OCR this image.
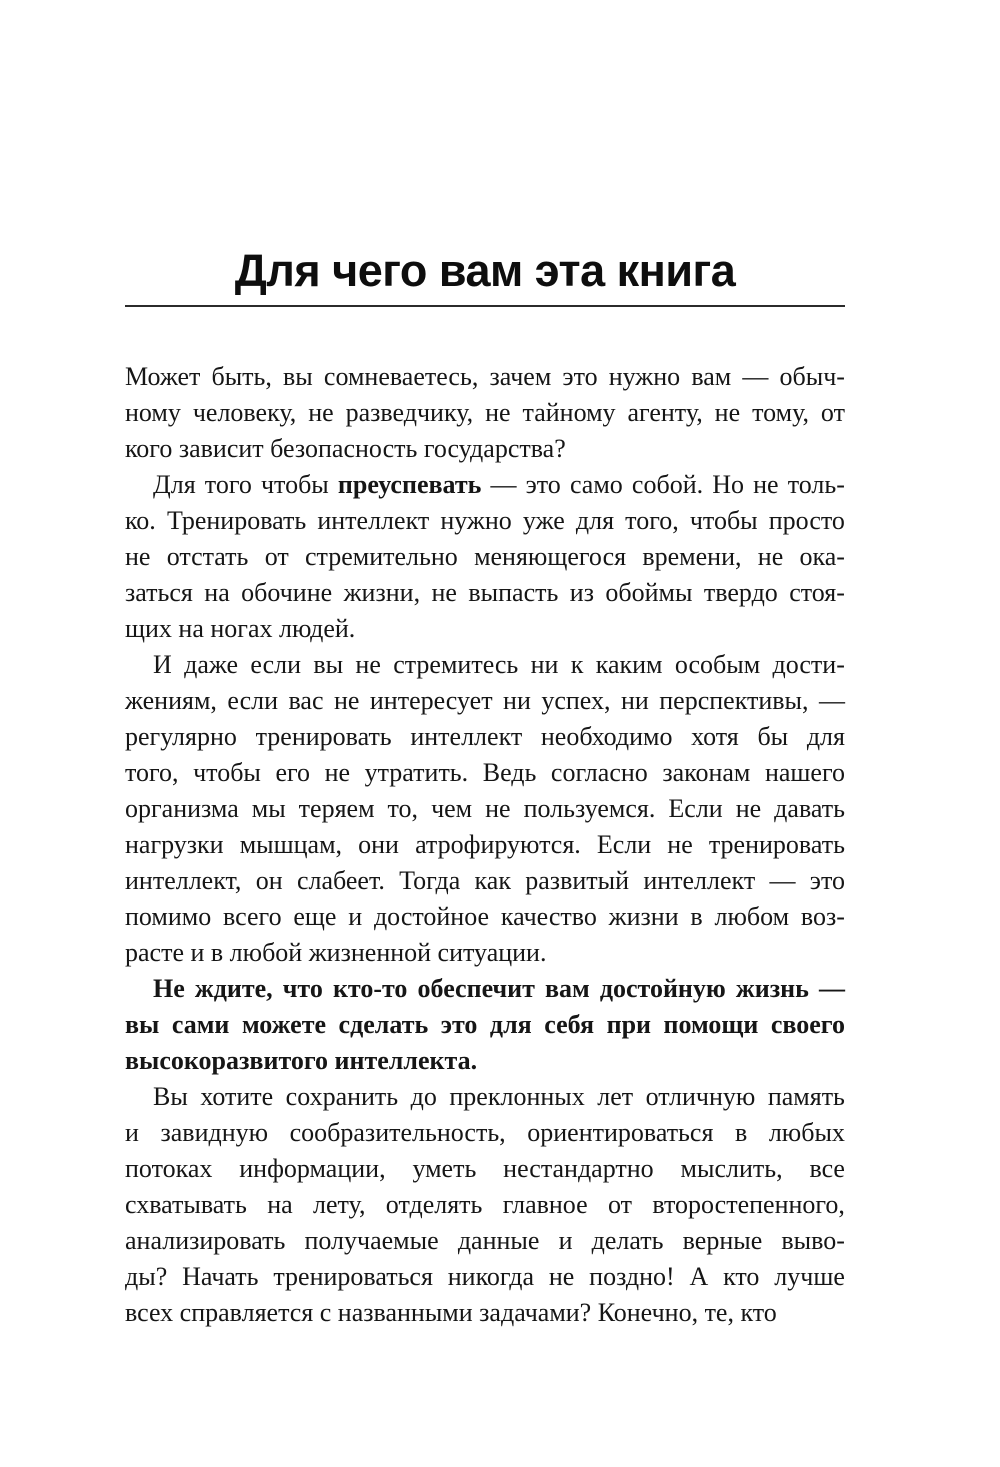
Для чего вам эта книга
Может быть, вы сомневаетесь, зачем это нужно вам — обыч-
ному человеку, не разведчику, не тайному агенту, не тому, от
кого зависит безопасность государства?
Для того чтобы преуспевать — это само собой. Но не толь-
ко. Тренировать интеллект нужно уже для того, чтобы просто
не отстать от стремительно меняющегося времени, не ока-
заться на обочине жизни, не выпасть из обоймы твердо стоя-
щих на ногах людей.
И даже если вы не стремитесь ни к каким особым дости-
жениям, если вас не интересует ни успех, ни перспективы, —
регулярно тренировать интеллект необходимо хотя бы для
того, чтобы его не утратить. Ведь согласно законам нашего
организма мы теряем то, чем не пользуемся. Если не давать
нагрузки мышцам, они атрофируются. Если не тренировать
интеллект, он слабеет. Тогда как развитый интеллект — это
помимо всего еще и достойное качество жизни в любом воз-
расте и в любой жизненной ситуации.
Не ждите, что кто-то обеспечит вам достойную жизнь —
вы сами можете сделать это для себя при помощи своего
высокоразвитого интеллекта.
Вы хотите сохранить до преклонных лет отличную память
и завидную сообразительность, ориентироваться в любых
потоках информации, уметь нестандартно мыслить, все
схватывать на лету, отделять главное от второстепенного,
анализировать получаемые данные и делать верные выво-
ды? Начать тренироваться никогда не поздно! А кто лучше
всех справляется с названными задачами? Конечно, те, кто
